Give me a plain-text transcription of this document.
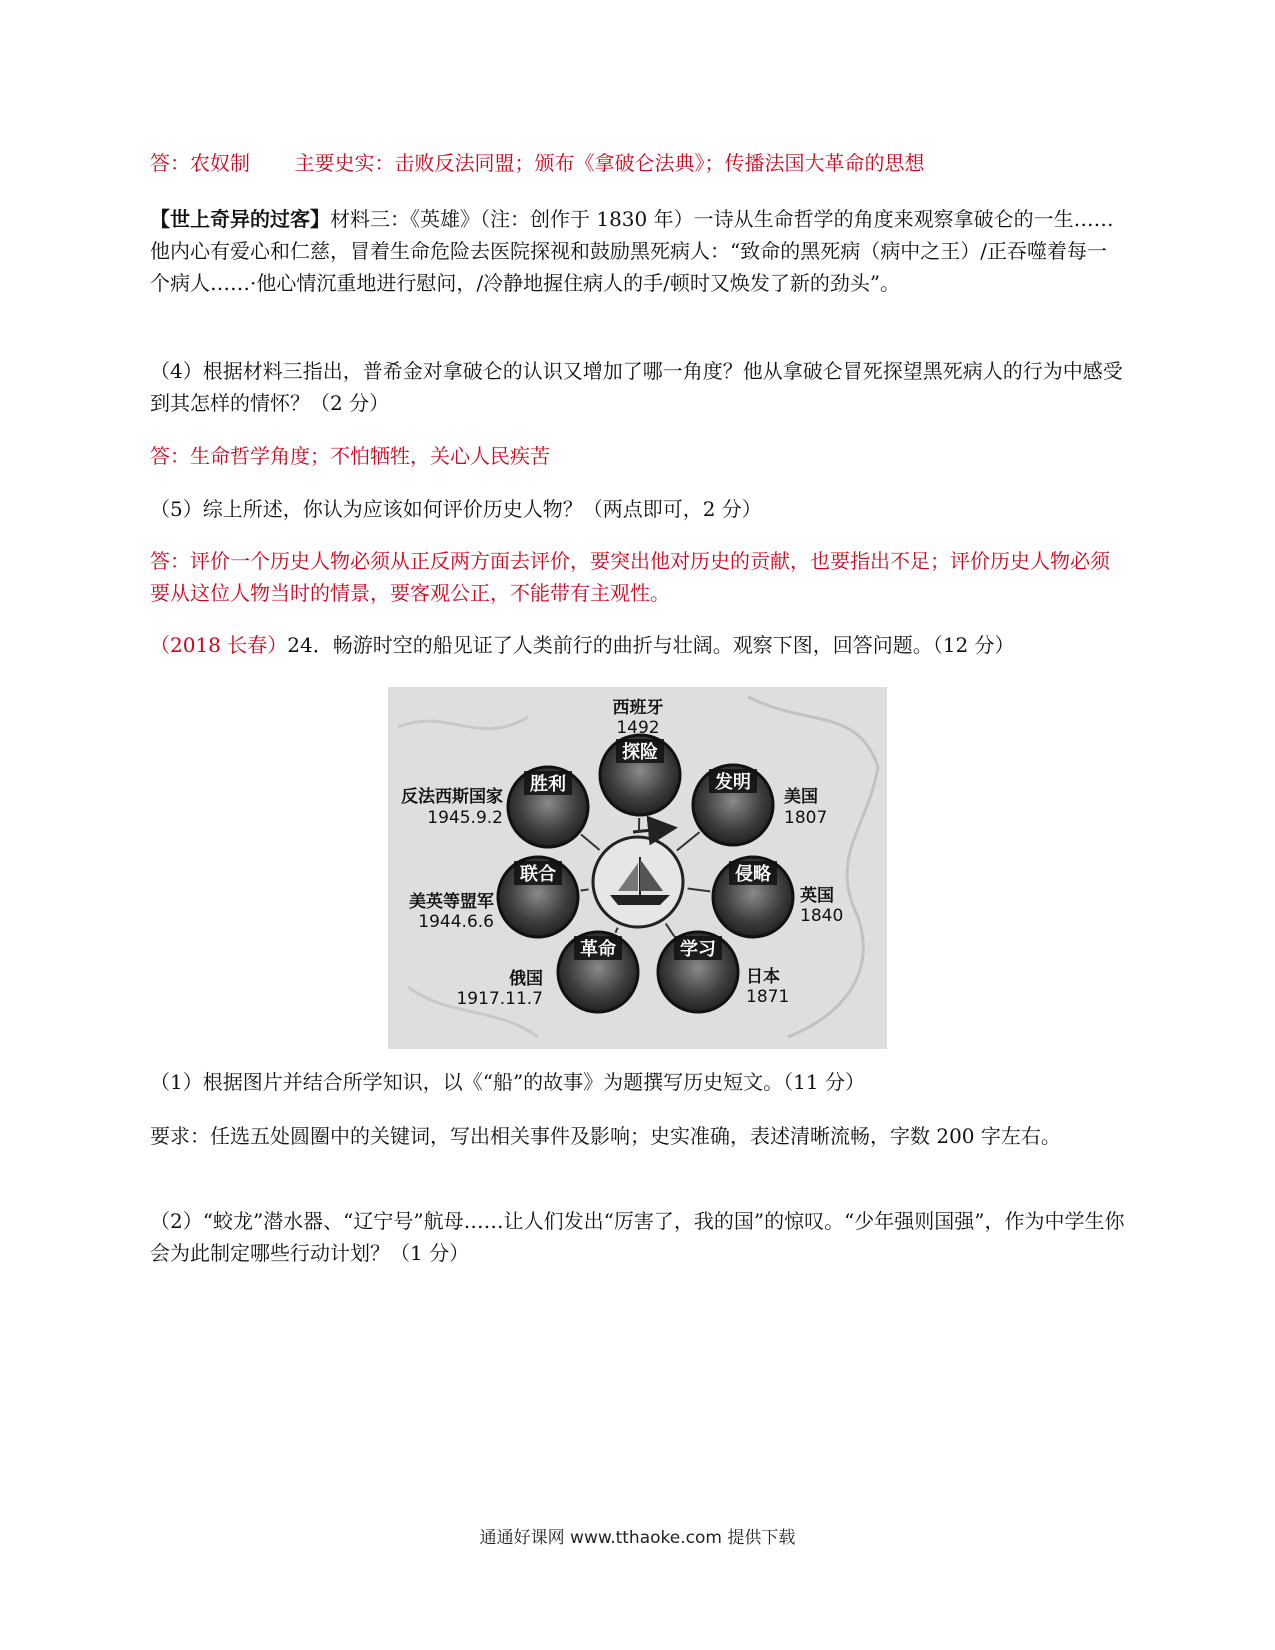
答：农奴制 主要史实：击败反法同盟；颁布《拿破仑法典》；传播法国大革命的思想

【世上奇异的过客】材料三：《英雄》（注：创作于 1830 年）一诗从生命哲学的角度来观察拿破仑的一生……他内心有爱心和仁慈，冒着生命危险去医院探视和鼓励黑死病人：“致命的黑死病（病中之王）/正吞噬着每一个病人……·他心情沉重地进行慰问，/冷静地握住病人的手/顿时又焕发了新的劲头”。

（4）根据材料三指出，普希金对拿破仑的认识又增加了哪一角度？他从拿破仑冒死探望黑死病人的行为中感受到其怎样的情怀？（2 分）

答：生命哲学角度；不怕牺牲，关心人民疾苦

（5）综上所述，你认为应该如何评价历史人物？（两点即可，2 分）

答：评价一个历史人物必须从正反两方面去评价，要突出他对历史的贡献，也要指出不足；评价历史人物必须要从这位人物当时的情景，要客观公正，不能带有主观性。

（2018 长春）24．畅游时空的船见证了人类前行的曲折与壮阔。观察下图，回答问题。（12 分）

探险
西班牙
1492
发明
美国
1807
侵略
英国
1840
学习
日本
1871
革命
俄国
1917.11.7
联合
美英等盟军
1944.6.6
胜利
反法西斯国家
1945.9.2

（1）根据图片并结合所学知识，以《“船”的故事》为题撰写历史短文。（11 分）

要求：任选五处圆圈中的关键词，写出相关事件及影响；史实准确，表述清晰流畅，字数 200 字左右。

（2）“蛟龙”潜水器、“辽宁号”航母……让人们发出“厉害了，我的国”的惊叹。“少年强则国强”，作为中学生你会为此制定哪些行动计划？（1 分）

通通好课网 www.tthaoke.com 提供下载
